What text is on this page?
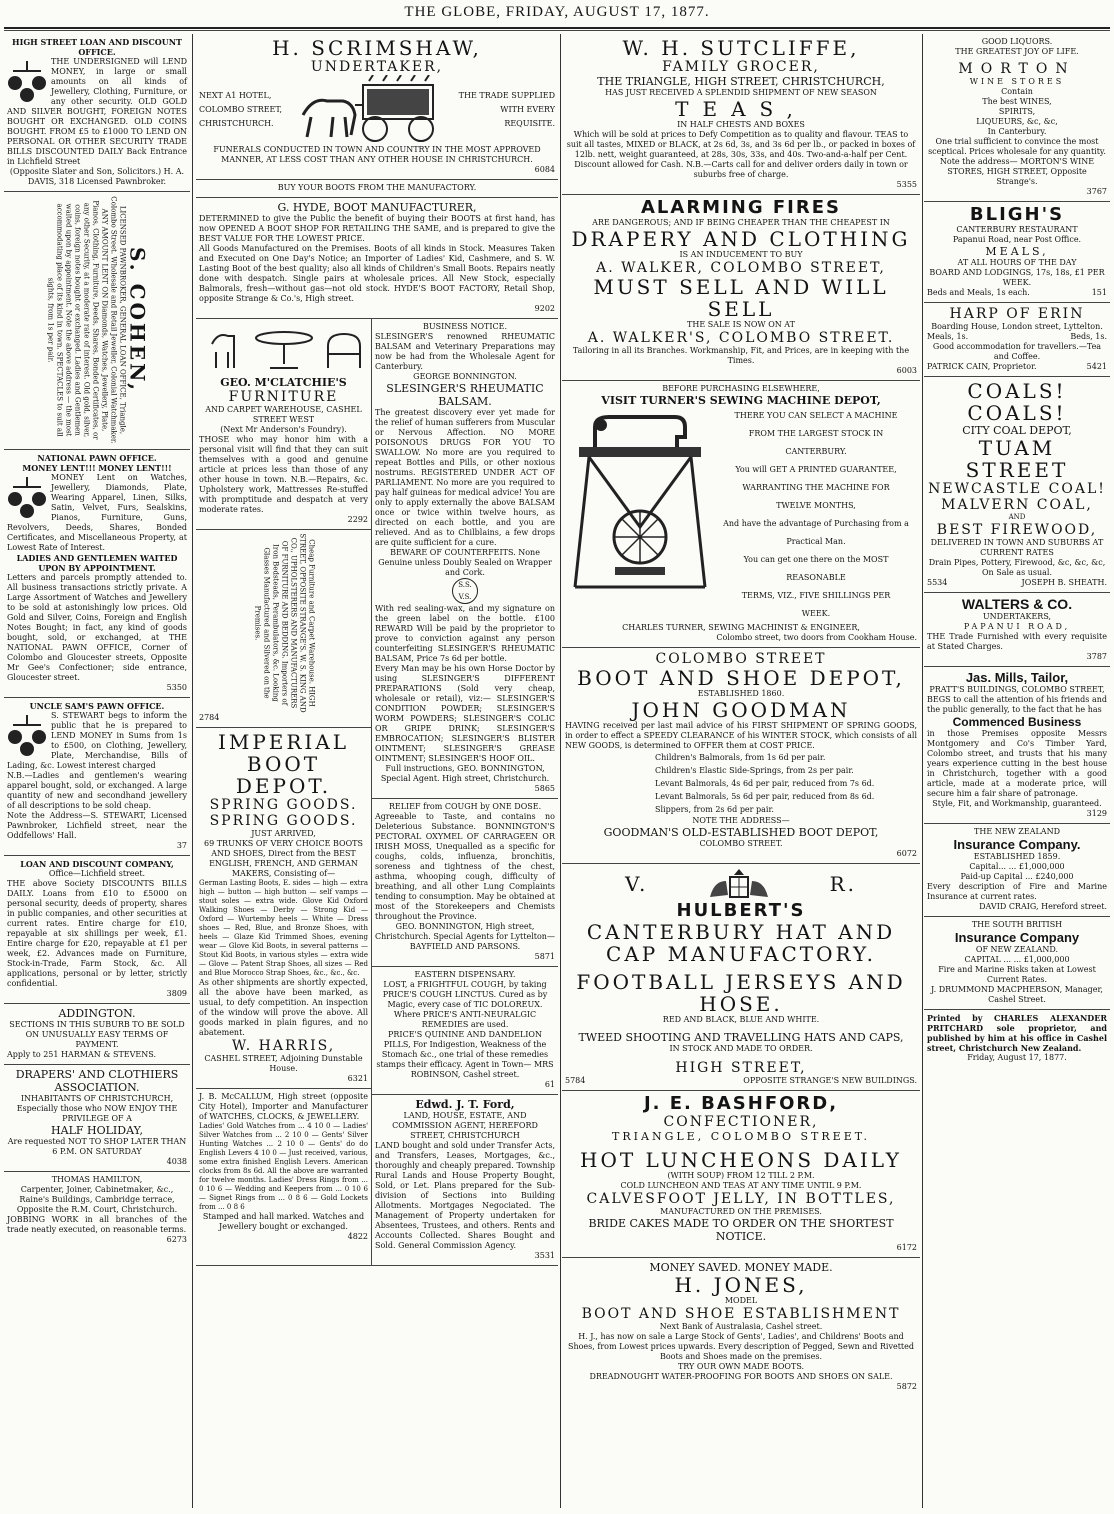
THE GLOBE, FRIDAY, AUGUST 17, 1877.
HIGH STREET LOAN AND DISCOUNT OFFICE.
THE UNDERSIGNED will LEND MONEY, in large or small amounts on all kinds of Jewellery, Clothing, Furniture, or any other security. OLD GOLD AND SILVER BOUGHT, FOREIGN NOTES BOUGHT OR EXCHANGED. OLD COINS BOUGHT. FROM £5 to £1000 TO LEND ON PERSONAL OR OTHER SECURITY TRADE BILLS DISCOUNTED DAILY Back Entrance in Lichfield Street
(Opposite Slater and Son, Solicitors.) H. A. DAVIS, 318 Licensed Pawnbroker.
S. COHEN,
LICENSED PAWNBROKER, GENERAL LOAN OFFICE, Triangle, Colombo Street. Wholesale and Retail Jeweller, Colonial Watchmaker. ANY AMOUNT LENT ON Diamonds, Watches, Jewellery, Plate, Pianos, Clothing, Furniture, Deeds, Shares, Bonded Certificates, or any other Security, at a moderate rate of interest. Old gold, silver, coins, foreign notes bought or exchanged. Ladies and Gentlemen waited upon by appointment. Note the above address — the most accommodating place of its kind in town. SPECTACLES to suit all sights, from 1s per pair.
NATIONAL PAWN OFFICE.
MONEY LENT!!! MONEY LENT!!!
MONEY Lent on Watches, Jewellery, Diamonds, Plate, Wearing Apparel, Linen, Silks, Satin, Velvet, Furs, Sealskins, Pianos, Furniture, Guns, Revolvers, Deeds, Shares, Bonded Certificates, and Miscellaneous Property, at Lowest Rate of Interest.
LADIES AND GENTLEMEN WAITED UPON BY APPOINTMENT.
Letters and parcels promptly attended to. All business transactions strictly private. A Large Assortment of Watches and Jewellery to be sold at astonishingly low prices. Old Gold and Silver, Coins, Foreign and English Notes Bought; in fact, any kind of goods bought, sold, or exchanged, at THE NATIONAL PAWN OFFICE, Corner of Colombo and Gloucester streets, Opposite Mr Gee's Confectioner; side entrance, Gloucester street.
5350
UNCLE SAM'S PAWN OFFICE.
S. STEWART begs to inform the public that he is prepared to LEND MONEY in Sums from 1s to £500, on Clothing, Jewellery, Plate, Merchandise, Bills of Lading, &c. Lowest interest charged
N.B.—Ladies and gentlemen's wearing apparel bought, sold, or exchanged. A large quantity of new and secondhand jewellery of all descriptions to be sold cheap.
Note the Address—S. STEWART, Licensed Pawnbroker, Lichfield street, near the Oddfellows' Hall.
37
LOAN AND DISCOUNT COMPANY,
Office—Lichfield street.
THE above Society DISCOUNTS BILLS DAILY. Loans from £10 to £5000 on personal security, deeds of property, shares in public companies, and other securities at current rates. Entire charge for £10, repayable at six shillings per week, £1. Entire charge for £20, repayable at £1 per week, £2. Advances made on Furniture, Stock-in-Trade, Farm Stock, &c. All applications, personal or by letter, strictly confidential.
3809
ADDINGTON.
SECTIONS IN THIS SUBURB TO BE SOLD ON UNUSUALLY EASY TERMS OF PAYMENT.
Apply to 251 HARMAN & STEVENS.
DRAPERS' AND CLOTHIERS ASSOCIATION.
INHABITANTS OF CHRISTCHURCH, Especially those who NOW ENJOY THE PRIVILEGE OF A
HALF HOLIDAY,
Are requested NOT TO SHOP LATER THAN 6 P.M. ON SATURDAY
4038
THOMAS HAMILTON,
Carpenter, Joiner, Cabinetmaker, &c., Raine's Buildings, Cambridge terrace, Opposite the R.M. Court, Christchurch.
JOBBING WORK in all branches of the trade neatly executed, on reasonable terms.
6273
H. SCRIMSHAW,
UNDERTAKER,
NEXT A1 HOTEL, COLOMBO STREET, CHRISTCHURCH.
THE TRADE SUPPLIED WITH EVERY REQUISITE.
FUNERALS CONDUCTED IN TOWN AND COUNTRY IN THE MOST APPROVED MANNER, AT LESS COST THAN ANY OTHER HOUSE IN CHRISTCHURCH.
6084
BUY YOUR BOOTS FROM THE MANUFACTORY.
G. HYDE, BOOT MANUFACTURER,
DETERMINED to give the Public the benefit of buying their BOOTS at first hand, has now OPENED A BOOT SHOP FOR RETAILING THE SAME, and is prepared to give the BEST VALUE FOR THE LOWEST PRICE.
All Goods Manufactured on the Premises. Boots of all kinds in Stock. Measures Taken and Executed on One Day's Notice; an Importer of Ladies' Kid, Cashmere, and S. W. Lasting Boot of the best quality; also all kinds of Children's Small Boots. Repairs neatly done with despatch. Single pairs at wholesale prices. All New Stock, especially Balmorals, fresh—without gas—not old stock. HYDE'S BOOT FACTORY, Retail Shop, opposite Strange & Co.'s, High street.
9202
GEO. M'CLATCHIE'S
FURNITURE
AND CARPET WAREHOUSE, CASHEL STREET WEST
(Next Mr Anderson's Foundry).
THOSE who may honor him with a personal visit will find that they can suit themselves with a good and genuine article at prices less than those of any other house in town. N.B.—Repairs, &c. Upholstery work, Mattresses Re-stuffed with promptitude and despatch at very moderate rates.
2292
Cheap Furniture and Carpet Warehouse. HIGH STREET, OPPOSITE STRANGE'S. W. S. KING AND CO., UPHOLSTERERS AND MANUFACTURERS OF FURNITURE AND BEDDING. Importers of Iron Bedsteads, Perambulators, &c. Looking Glasses Manufactured and Silvered on the Premises.
2784
IMPERIAL
BOOT DEPOT.
SPRING GOODS.
SPRING GOODS.
JUST ARRIVED,
69 TRUNKS OF VERY CHOICE BOOTS AND SHOES, Direct from the BEST ENGLISH, FRENCH, AND GERMAN MAKERS, Consisting of—
German Lasting Boots, E. sides — high — extra high — button — high button — self vamps — stout soles — extra wide. Glove Kid Oxford Walking Shoes — Derby — Strong Kid — Oxford — Wurtemby heels — White — Dress shoes — Red, Blue, and Bronze Shoes, with heels — Glaze Kid Trimmed Shoes, evening wear — Glove Kid Boots, in several patterns — Stout Kid Boots, in various styles — extra wide — Glove — Patent Strap Shoes, all sizes — Red and Blue Morocco Strap Shoes, &c., &c., &c.
As other shipments are shortly expected, all the above have been marked, as usual, to defy competition. An inspection of the window will prove the above. All goods marked in plain figures, and no abatement.
W. HARRIS,
CASHEL STREET, Adjoining Dunstable House.
6321
J. B. McCALLUM, High street (opposite City Hotel), Importer and Manufacturer of WATCHES, CLOCKS, & JEWELLERY.
Ladies' Gold Watches from ... 4 10 0 — Ladies' Silver Watches from ... 2 10 0 — Gents' Silver Hunting Watches ... 2 10 0 — Gents' do do English Levers 4 10 0 — Just received, various, some extra finished English Levers. American clocks from 8s 6d. All the above are warranted for twelve months. Ladies' Dress Rings from ... 0 10 6 — Wedding and Keepers from ... 0 10 6 — Signet Rings from ... 0 8 6 — Gold Lockets from ... 0 8 6
Stamped and hall marked. Watches and Jewellery bought or exchanged.
4822
BUSINESS NOTICE.
SLESINGER'S renowned RHEUMATIC BALSAM and Veterinary Preparations may now be had from the Wholesale Agent for Canterbury.
GEORGE BONNINGTON.
SLESINGER'S RHEUMATIC BALSAM.
The greatest discovery ever yet made for the relief of human sufferers from Muscular or Nervous Affection. NO MORE POISONOUS DRUGS FOR YOU TO SWALLOW. No more are you required to repeat Bottles and Pills, or other noxious nostrums. REGISTERED UNDER ACT OF PARLIAMENT. No more are you required to pay half guineas for medical advice! You are only to apply externally the above BALSAM once or twice within twelve hours, as directed on each bottle, and you are relieved. And as to Chilblains, a few drops are quite sufficient for a cure.
BEWARE OF COUNTERFEITS. None Genuine unless Doubly Sealed on Wrapper and Cork.
S.S. V.S.
With red sealing-wax, and my signature on the green label on the bottle. £100 REWARD Will be paid by the proprietor to prove to conviction against any person counterfeiting SLESINGER'S RHEUMATIC BALSAM, Price 7s 6d per bottle.
Every Man may be his own Horse Doctor by using SLESINGER'S DIFFERENT PREPARATIONS (Sold very cheap, wholesale or retail), viz:— SLESINGER'S CONDITION POWDER; SLESINGER'S WORM POWDERS; SLESINGER'S COLIC OR GRIPE DRINK; SLESINGER'S EMBROCATION; SLESINGER'S BLISTER OINTMENT; SLESINGER'S GREASE OINTMENT; SLESINGER'S HOOF OIL.
Full instructions, GEO. BONNINGTON, Special Agent. High street, Christchurch.
5865
RELIEF from COUGH by ONE DOSE.
Agreeable to Taste, and contains no Deleterious Substance. BONNINGTON'S PECTORAL OXYMEL OF CARRAGEEN OR IRISH MOSS, Unequalled as a specific for coughs, colds, influenza, bronchitis, soreness and tightness of the chest, asthma, whooping cough, difficulty of breathing, and all other Lung Complaints tending to consumption. May be obtained at most of the Storekeepers and Chemists throughout the Province.
GEO. BONNINGTON, High street, Christchurch. Special Agents for Lyttelton—BAYFIELD AND PARSONS.
5871
EASTERN DISPENSARY.
LOST, a FRIGHTFUL COUGH, by taking PRICE'S COUGH LINCTUS. Cured as by Magic, every case of TIC DOLOREUX. Where PRICE'S ANTI-NEURALGIC REMEDIES are used.
PRICE'S QUININE AND DANDELION PILLS, For Indigestion, Weakness of the Stomach &c., one trial of these remedies stamps their efficacy. Agent in Town— MRS ROBINSON, Cashel street.
61
Edwd. J. T. Ford,
LAND, HOUSE, ESTATE, AND COMMISSION AGENT, HEREFORD STREET, CHRISTCHURCH
LAND bought and sold under Transfer Acts, and Transfers, Leases, Mortgages, &c., thoroughly and cheaply prepared. Township Rural Lands and House Property Bought, Sold, or Let. Plans prepared for the Sub-division of Sections into Building Allotments. Mortgages Negociated. The Management of Property undertaken for Absentees, Trustees, and others. Rents and Accounts Collected. Shares Bought and Sold. General Commission Agency.
3531
W. H. SUTCLIFFE,
FAMILY GROCER,
THE TRIANGLE, HIGH STREET, CHRISTCHURCH,
HAS JUST RECEIVED A SPLENDID SHIPMENT OF NEW SEASON
TEAS,
IN HALF CHESTS AND BOXES
Which will be sold at prices to Defy Competition as to quality and flavour. TEAS to suit all tastes, MIXED or BLACK, at 2s 6d, 3s, and 3s 6d per lb., or packed in boxes of 12lb. nett, weight guaranteed, at 28s, 30s, 33s, and 40s. Two-and-a-half per Cent. Discount allowed for Cash. N.B.—Carts call for and deliver orders daily in town or suburbs free of charge.
5355
ALARMING FIRES
ARE DANGEROUS; AND IF BEING CHEAPER THAN THE CHEAPEST IN
DRAPERY AND CLOTHING
IS AN INDUCEMENT TO BUY
A. WALKER, COLOMBO STREET,
MUST SELL AND WILL SELL
THE SALE IS NOW ON AT
A. WALKER'S, COLOMBO STREET.
Tailoring in all its Branches. Workmanship, Fit, and Prices, are in keeping with the Times.
6003
BEFORE PURCHASING ELSEWHERE,
VISIT TURNER'S SEWING MACHINE DEPOT,
THERE YOU CAN SELECT A MACHINE
FROM THE LARGEST STOCK IN
CANTERBURY.
You will GET A PRINTED GUARANTEE,
WARRANTING THE MACHINE FOR
TWELVE MONTHS,
And have the advantage of Purchasing from a Practical Man.
You can get one there on the MOST REASONABLE
TERMS, VIZ., FIVE SHILLINGS PER
WEEK.
CHARLES TURNER, SEWING MACHINIST & ENGINEER,
Colombo street, two doors from Cookham House.
COLOMBO STREET
BOOT AND SHOE DEPOT,
ESTABLISHED 1860.
JOHN GOODMAN
HAVING received per last mail advice of his FIRST SHIPMENT OF SPRING GOODS, in order to effect a SPEEDY CLEARANCE of his WINTER STOCK, which consists of all NEW GOODS, is determined to OFFER them at COST PRICE.
Children's Balmorals, from 1s 6d per pair.
Children's Elastic Side-Springs, from 2s per pair.
Levant Balmorals, 4s 6d per pair, reduced from 7s 6d.
Levant Balmorals, 5s 6d per pair, reduced from 8s 6d.
Slippers, from 2s 6d per pair.
NOTE THE ADDRESS—
GOODMAN'S OLD-ESTABLISHED BOOT DEPOT,
COLOMBO STREET.
6072
V.	R.
HULBERT'S
CANTERBURY HAT AND CAP MANUFACTORY.
FOOTBALL JERSEYS AND HOSE.
RED AND BLACK, BLUE AND WHITE.
TWEED SHOOTING AND TRAVELLING HATS AND CAPS,
IN STOCK AND MADE TO ORDER.
HIGH STREET,
5784	OPPOSITE STRANGE'S NEW BUILDINGS.
J. E. BASHFORD,
CONFECTIONER,
TRIANGLE, COLOMBO STREET.
HOT LUNCHEONS DAILY
(WITH SOUP) FROM 12 TILL 2 P.M.
COLD LUNCHEON AND TEAS AT ANY TIME UNTIL 9 P.M.
CALVESFOOT JELLY, IN BOTTLES,
MANUFACTURED ON THE PREMISES.
BRIDE CAKES MADE TO ORDER ON THE SHORTEST NOTICE.
6172
MONEY SAVED. MONEY MADE.
H. JONES,
MODEL
BOOT AND SHOE ESTABLISHMENT
Next Bank of Australasia, Cashel street.
H. J., has now on sale a Large Stock of Gents', Ladies', and Childrens' Boots and Shoes, from Lowest prices upwards. Every description of Pegged, Sewn and Rivetted Boots and Shoes made on the premises.
TRY OUR OWN MADE BOOTS.
DREADNOUGHT WATER-PROOFING FOR BOOTS AND SHOES ON SALE.
5872
GOOD LIQUORS.
THE GREATEST JOY OF LIFE.
MORTON
WINE STORES
Contain
The best WINES,
SPIRITS,
LIQUEURS, &c, &c,
In Canterbury.
One trial sufficient to convince the most sceptical. Prices wholesale for any quantity.
Note the address— MORTON'S WINE STORES, HIGH STREET, Opposite Strange's.
3767
BLIGH'S
CANTERBURY RESTAURANT
Papanui Road, near Post Office.
MEALS,
AT ALL HOURS OF THE DAY
BOARD AND LODGINGS, 17s, 18s, £1 PER WEEK.
Beds and Meals, 1s each.	151
HARP OF ERIN
Boarding House, London street, Lyttelton.
Meals, 1s.	Beds, 1s.
Good accommodation for travellers.—Tea and Coffee.
PATRICK CAIN, Proprietor.	5421
COALS! COALS!
CITY COAL DEPOT,
TUAM STREET
NEWCASTLE COAL!
MALVERN COAL,
AND
BEST FIREWOOD,
DELIVERED IN TOWN AND SUBURBS AT CURRENT RATES
Drain Pipes, Pottery, Firewood, &c, &c, &c, On Sale as usual.
5534	JOSEPH B. SHEATH.
WALTERS & CO.
UNDERTAKERS,
PAPANUI ROAD,
THE Trade Furnished with every requisite at Stated Charges.
3787
Jas. Mills, Tailor,
PRATT'S BUILDINGS, COLOMBO STREET,
BEGS to call the attention of his friends and the public generally, to the fact that he has
Commenced Business
in those Premises opposite Messrs Montgomery and Co's Timber Yard, Colombo street, and trusts that his many years experience cutting in the best house in Christchurch, together with a good article, made at a moderate price, will secure him a fair share of patronage.
Style, Fit, and Workmanship, guaranteed.
3129
THE NEW ZEALAND
Insurance Company.
ESTABLISHED 1859.
Capital... ... £1,000,000
Paid-up Capital ... £240,000
Every description of Fire and Marine Insurance at current rates.
DAVID CRAIG, Hereford street.
THE SOUTH BRITISH
Insurance Company
OF NEW ZEALAND.
CAPITAL ... ... £1,000,000
Fire and Marine Risks taken at Lowest Current Rates.
J. DRUMMOND MACPHERSON, Manager, Cashel Street.
Printed by CHARLES ALEXANDER PRITCHARD sole proprietor, and published by him at his office in Cashel street, Christchurch New Zealand.
Friday, August 17, 1877.
